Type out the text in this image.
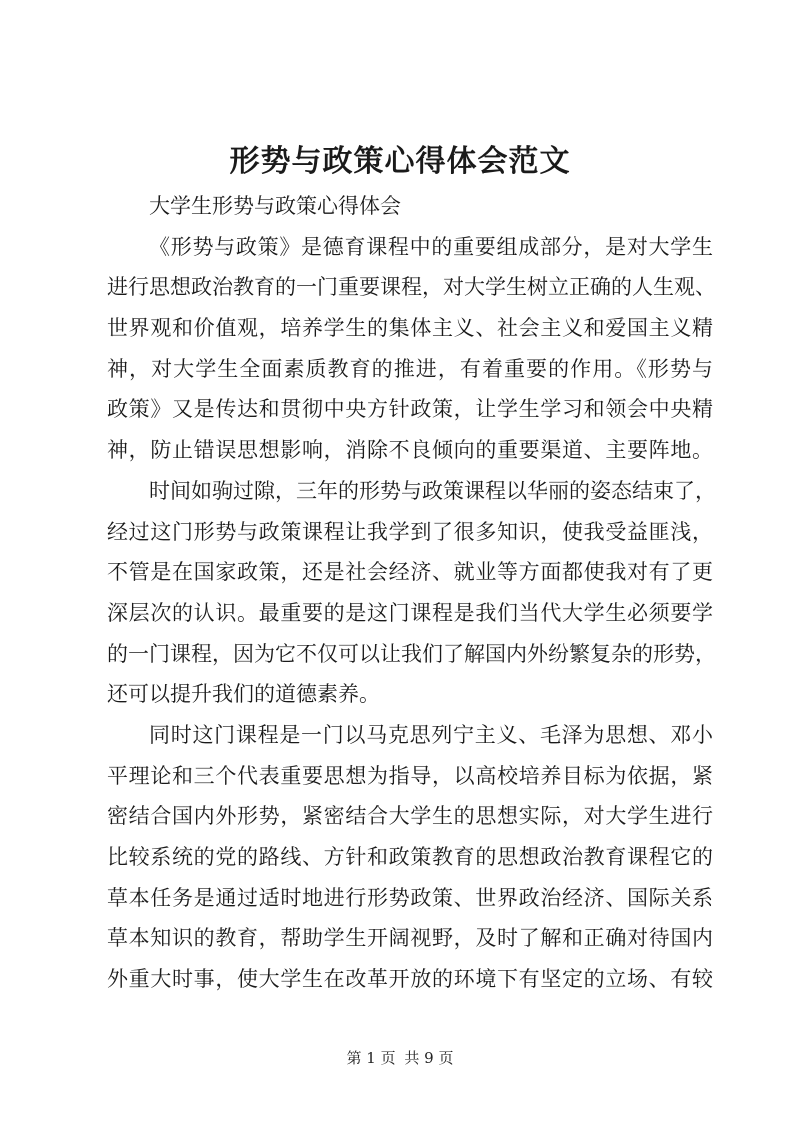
形势与政策心得体会范文
大学生形势与政策心得体会
《形势与政策》是德育课程中的重要组成部分，是对大学生
进行思想政治教育的一门重要课程，对大学生树立正确的人生观、
世界观和价值观，培养学生的集体主义、社会主义和爱国主义精
神，对大学生全面素质教育的推进，有着重要的作用。《形势与
政策》又是传达和贯彻中央方针政策，让学生学习和领会中央精
神，防止错误思想影响，消除不良倾向的重要渠道、主要阵地。
时间如驹过隙，三年的形势与政策课程以华丽的姿态结束了，
经过这门形势与政策课程让我学到了很多知识，使我受益匪浅，
不管是在国家政策，还是社会经济、就业等方面都使我对有了更
深层次的认识。最重要的是这门课程是我们当代大学生必须要学
的一门课程，因为它不仅可以让我们了解国内外纷繁复杂的形势，
还可以提升我们的道德素养。
同时这门课程是一门以马克思列宁主义、毛泽为思想、邓小
平理论和三个代表重要思想为指导，以高校培养目标为依据，紧
密结合国内外形势，紧密结合大学生的思想实际，对大学生进行
比较系统的党的路线、方针和政策教育的思想政治教育课程它的
草本任务是通过适时地进行形势政策、世界政治经济、国际关系
草本知识的教育，帮助学生开阔视野，及时了解和正确对待国内
外重大时事，使大学生在改革开放的环境下有坚定的立场、有较
第 1 页 共 9 页
